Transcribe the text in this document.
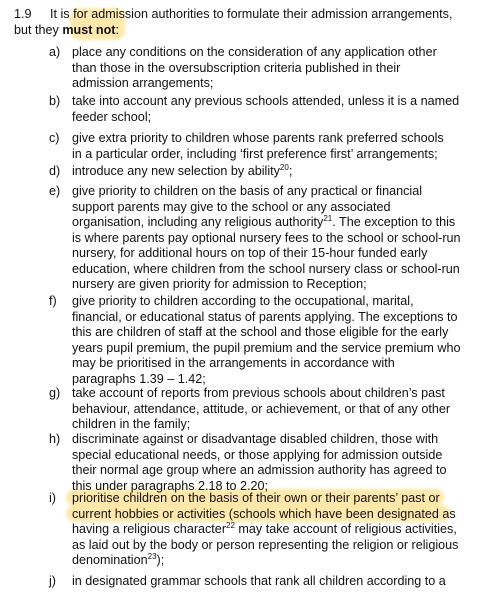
1.9 It is for admission authorities to formulate their admission arrangements,
but they must not:
a) place any conditions on the consideration of any application other
than those in the oversubscription criteria published in their
admission arrangements;
b) take into account any previous schools attended, unless it is a named
feeder school;
c) give extra priority to children whose parents rank preferred schools
in a particular order, including ‘first preference first’ arrangements;
d) introduce any new selection by ability$^{20}$;
e) give priority to children on the basis of any practical or financial
support parents may give to the school or any associated
organisation, including any religious authority$^{21}$. The exception to this
is where parents pay optional nursery fees to the school or school-run
nursery, for additional hours on top of their 15-hour funded early
education, where children from the school nursery class or school-run
nursery are given priority for admission to Reception;
f) give priority to children according to the occupational, marital,
financial, or educational status of parents applying. The exceptions to
this are children of staff at the school and those eligible for the early
years pupil premium, the pupil premium and the service premium who
may be prioritised in the arrangements in accordance with
paragraphs 1.39 – 1.42;
g) take account of reports from previous schools about children’s past
behaviour, attendance, attitude, or achievement, or that of any other
children in the family;
h) discriminate against or disadvantage disabled children, those with
special educational needs, or those applying for admission outside
their normal age group where an admission authority has agreed to
this under paragraphs 2.18 to 2.20;
i) prioritise children on the basis of their own or their parents’ past or
current hobbies or activities (schools which have been designated as
having a religious character$^{22}$ may take account of religious activities,
as laid out by the body or person representing the religion or religious
denomination$^{23}$);
j) in designated grammar schools that rank all children according to a
